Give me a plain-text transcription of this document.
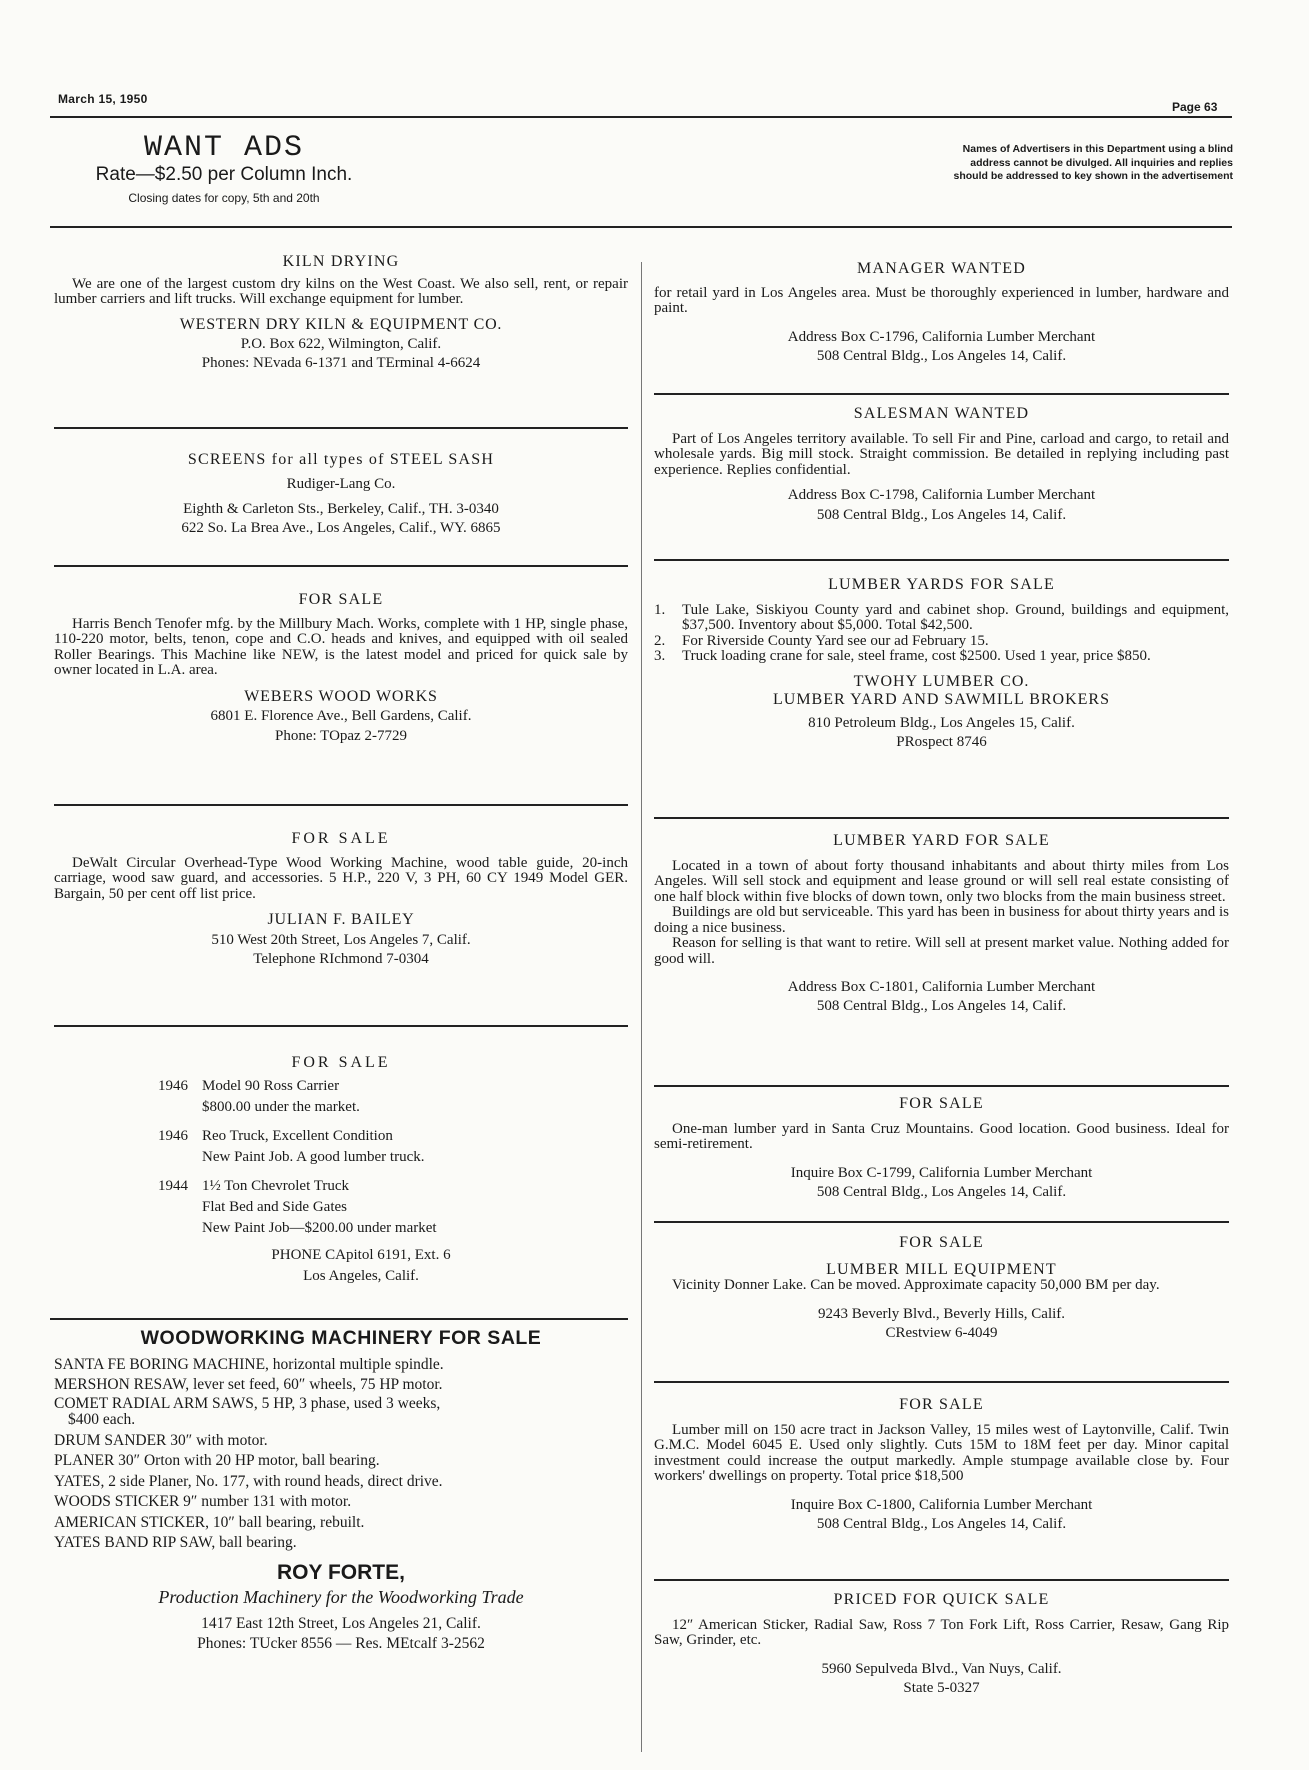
March 15, 1950
Page 63
WANT ADS
Rate—$2.50 per Column Inch.
Closing dates for copy, 5th and 20th
Names of Advertisers in this Department using a blind
address cannot be divulged. All inquiries and replies
should be addressed to key shown in the advertisement
KILN DRYING
We are one of the largest custom dry kilns on the West Coast. We also sell, rent, or repair lumber carriers and lift trucks. Will exchange equipment for lumber.
WESTERN DRY KILN & EQUIPMENT CO.
P.O. Box 622, Wilmington, Calif.
Phones: NEvada 6-1371 and TErminal 4-6624
SCREENS for all types of STEEL SASH
Rudiger-Lang Co.
Eighth & Carleton Sts., Berkeley, Calif., TH. 3-0340
622 So. La Brea Ave., Los Angeles, Calif., WY. 6865
FOR SALE
Harris Bench Tenofer mfg. by the Millbury Mach. Works, complete with 1 HP, single phase, 110-220 motor, belts, tenon, cope and C.O. heads and knives, and equipped with oil sealed Roller Bearings. This Machine like NEW, is the latest model and priced for quick sale by owner located in L.A. area.
WEBERS WOOD WORKS
6801 E. Florence Ave., Bell Gardens, Calif.
Phone: TOpaz 2-7729
FOR SALE
DeWalt Circular Overhead-Type Wood Working Machine, wood table guide, 20-inch carriage, wood saw guard, and accessories. 5 H.P., 220 V, 3 PH, 60 CY 1949 Model GER. Bargain, 50 per cent off list price.
JULIAN F. BAILEY
510 West 20th Street, Los Angeles 7, Calif.
Telephone RIchmond 7-0304
FOR SALE
1946 Model 90 Ross Carrier
$800.00 under the market.
1946 Reo Truck, Excellent Condition
New Paint Job. A good lumber truck.
1944 1½ Ton Chevrolet Truck
Flat Bed and Side Gates
New Paint Job—$200.00 under market
PHONE CApitol 6191, Ext. 6
Los Angeles, Calif.
WOODWORKING MACHINERY FOR SALE
SANTA FE BORING MACHINE, horizontal multiple spindle.
MERSHON RESAW, lever set feed, 60″ wheels, 75 HP motor.
COMET RADIAL ARM SAWS, 5 HP, 3 phase, used 3 weeks,
$400 each.
DRUM SANDER 30″ with motor.
PLANER 30″ Orton with 20 HP motor, ball bearing.
YATES, 2 side Planer, No. 177, with round heads, direct drive.
WOODS STICKER 9″ number 131 with motor.
AMERICAN STICKER, 10″ ball bearing, rebuilt.
YATES BAND RIP SAW, ball bearing.
ROY FORTE,
Production Machinery for the Woodworking Trade
1417 East 12th Street, Los Angeles 21, Calif.
Phones: TUcker 8556 — Res. MEtcalf 3-2562
MANAGER WANTED
for retail yard in Los Angeles area. Must be thoroughly experienced in lumber, hardware and paint.
Address Box C-1796, California Lumber Merchant
508 Central Bldg., Los Angeles 14, Calif.
SALESMAN WANTED
Part of Los Angeles territory available. To sell Fir and Pine, carload and cargo, to retail and wholesale yards. Big mill stock. Straight commission. Be detailed in replying including past experience. Replies confidential.
Address Box C-1798, California Lumber Merchant
508 Central Bldg., Los Angeles 14, Calif.
LUMBER YARDS FOR SALE
1. Tule Lake, Siskiyou County yard and cabinet shop. Ground, buildings and equipment, $37,500. Inventory about $5,000. Total $42,500.
2. For Riverside County Yard see our ad February 15.
3. Truck loading crane for sale, steel frame, cost $2500. Used 1 year, price $850.
TWOHY LUMBER CO.
LUMBER YARD AND SAWMILL BROKERS
810 Petroleum Bldg., Los Angeles 15, Calif.
PRospect 8746
LUMBER YARD FOR SALE
Located in a town of about forty thousand inhabitants and about thirty miles from Los Angeles. Will sell stock and equipment and lease ground or will sell real estate consisting of one half block within five blocks of down town, only two blocks from the main business street.
Buildings are old but serviceable. This yard has been in business for about thirty years and is doing a nice business.
Reason for selling is that want to retire. Will sell at present market value. Nothing added for good will.
Address Box C-1801, California Lumber Merchant
508 Central Bldg., Los Angeles 14, Calif.
FOR SALE
One-man lumber yard in Santa Cruz Mountains. Good location. Good business. Ideal for semi-retirement.
Inquire Box C-1799, California Lumber Merchant
508 Central Bldg., Los Angeles 14, Calif.
FOR SALE
LUMBER MILL EQUIPMENT
Vicinity Donner Lake. Can be moved. Approximate capacity 50,000 BM per day.
9243 Beverly Blvd., Beverly Hills, Calif.
CRestview 6-4049
FOR SALE
Lumber mill on 150 acre tract in Jackson Valley, 15 miles west of Laytonville, Calif. Twin G.M.C. Model 6045 E. Used only slightly. Cuts 15M to 18M feet per day. Minor capital investment could increase the output markedly. Ample stumpage available close by. Four workers' dwellings on property. Total price $18,500
Inquire Box C-1800, California Lumber Merchant
508 Central Bldg., Los Angeles 14, Calif.
PRICED FOR QUICK SALE
12″ American Sticker, Radial Saw, Ross 7 Ton Fork Lift, Ross Carrier, Resaw, Gang Rip Saw, Grinder, etc.
5960 Sepulveda Blvd., Van Nuys, Calif.
State 5-0327
